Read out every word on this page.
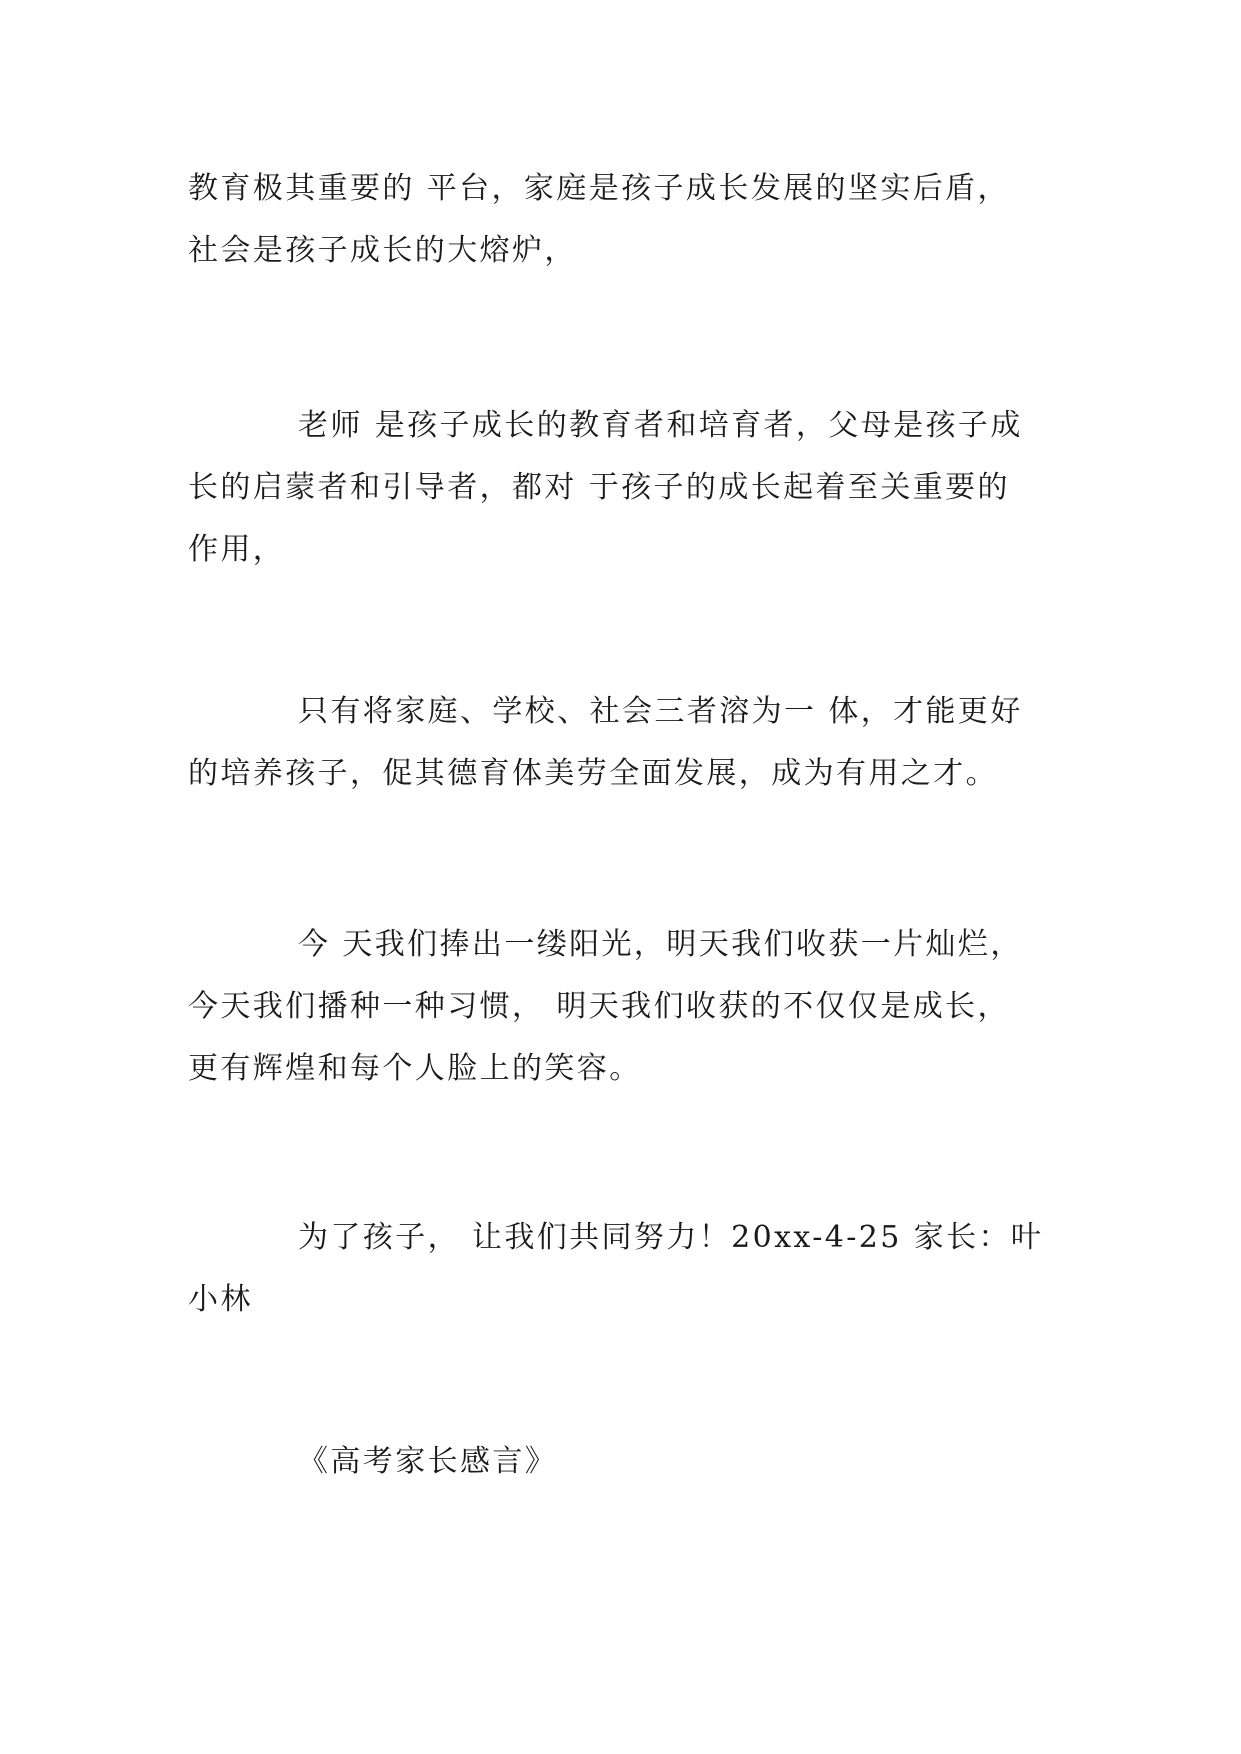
教育极其重要的 平台，家庭是孩子成长发展的坚实后盾，
社会是孩子成长的大熔炉，

老师 是孩子成长的教育者和培育者，父母是孩子成
长的启蒙者和引导者，都对 于孩子的成长起着至关重要的
作用，

只有将家庭、学校、社会三者溶为一 体，才能更好
的培养孩子，促其德育体美劳全面发展，成为有用之才。

今 天我们捧出一缕阳光，明天我们收获一片灿烂，
今天我们播种一种习惯， 明天我们收获的不仅仅是成长，
更有辉煌和每个人脸上的笑容。

为了孩子， 让我们共同努力！20xx-4-25 家长：叶
小林

《高考家长感言》
